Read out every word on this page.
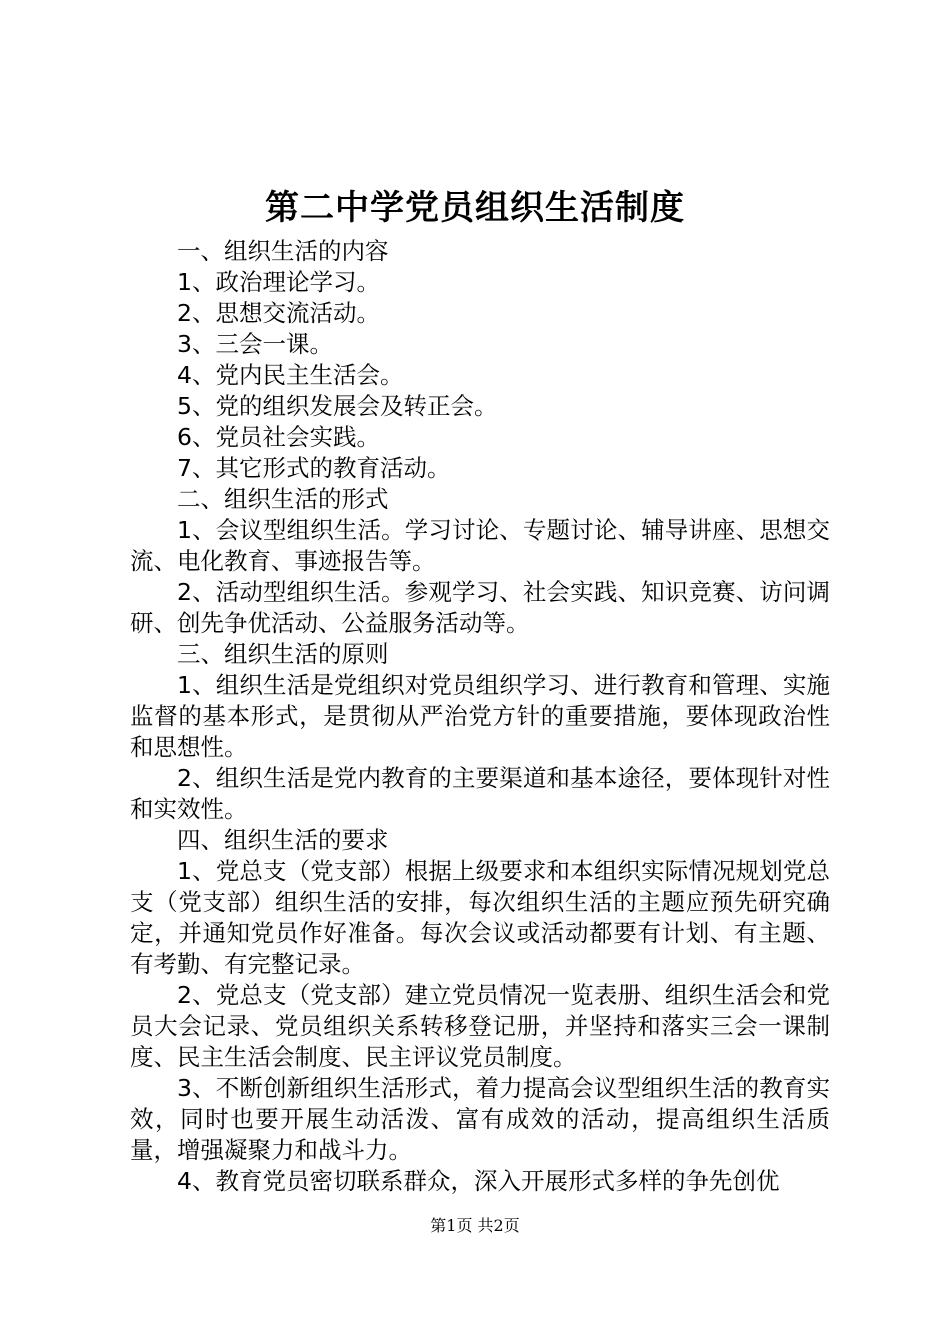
第二中学党员组织生活制度

一、组织生活的内容

1、政治理论学习。

2、思想交流活动。

3、三会一课。

4、党内民主生活会。

5、党的组织发展会及转正会。

6、党员社会实践。

7、其它形式的教育活动。

二、组织生活的形式

1、会议型组织生活。学习讨论、专题讨论、辅导讲座、思想交流、电化教育、事迹报告等。

2、活动型组织生活。参观学习、社会实践、知识竞赛、访问调研、创先争优活动、公益服务活动等。

三、组织生活的原则

1、组织生活是党组织对党员组织学习、进行教育和管理、实施监督的基本形式，是贯彻从严治党方针的重要措施，要体现政治性和思想性。

2、组织生活是党内教育的主要渠道和基本途径，要体现针对性和实效性。

四、组织生活的要求

1、党总支（党支部）根据上级要求和本组织实际情况规划党总支（党支部）组织生活的安排，每次组织生活的主题应预先研究确定，并通知党员作好准备。每次会议或活动都要有计划、有主题、有考勤、有完整记录。

2、党总支（党支部）建立党员情况一览表册、组织生活会和党员大会记录、党员组织关系转移登记册，并坚持和落实三会一课制度、民主生活会制度、民主评议党员制度。

3、不断创新组织生活形式，着力提高会议型组织生活的教育实效，同时也要开展生动活泼、富有成效的活动，提高组织生活质量，增强凝聚力和战斗力。

4、教育党员密切联系群众，深入开展形式多样的争先创优

第1页 共2页
